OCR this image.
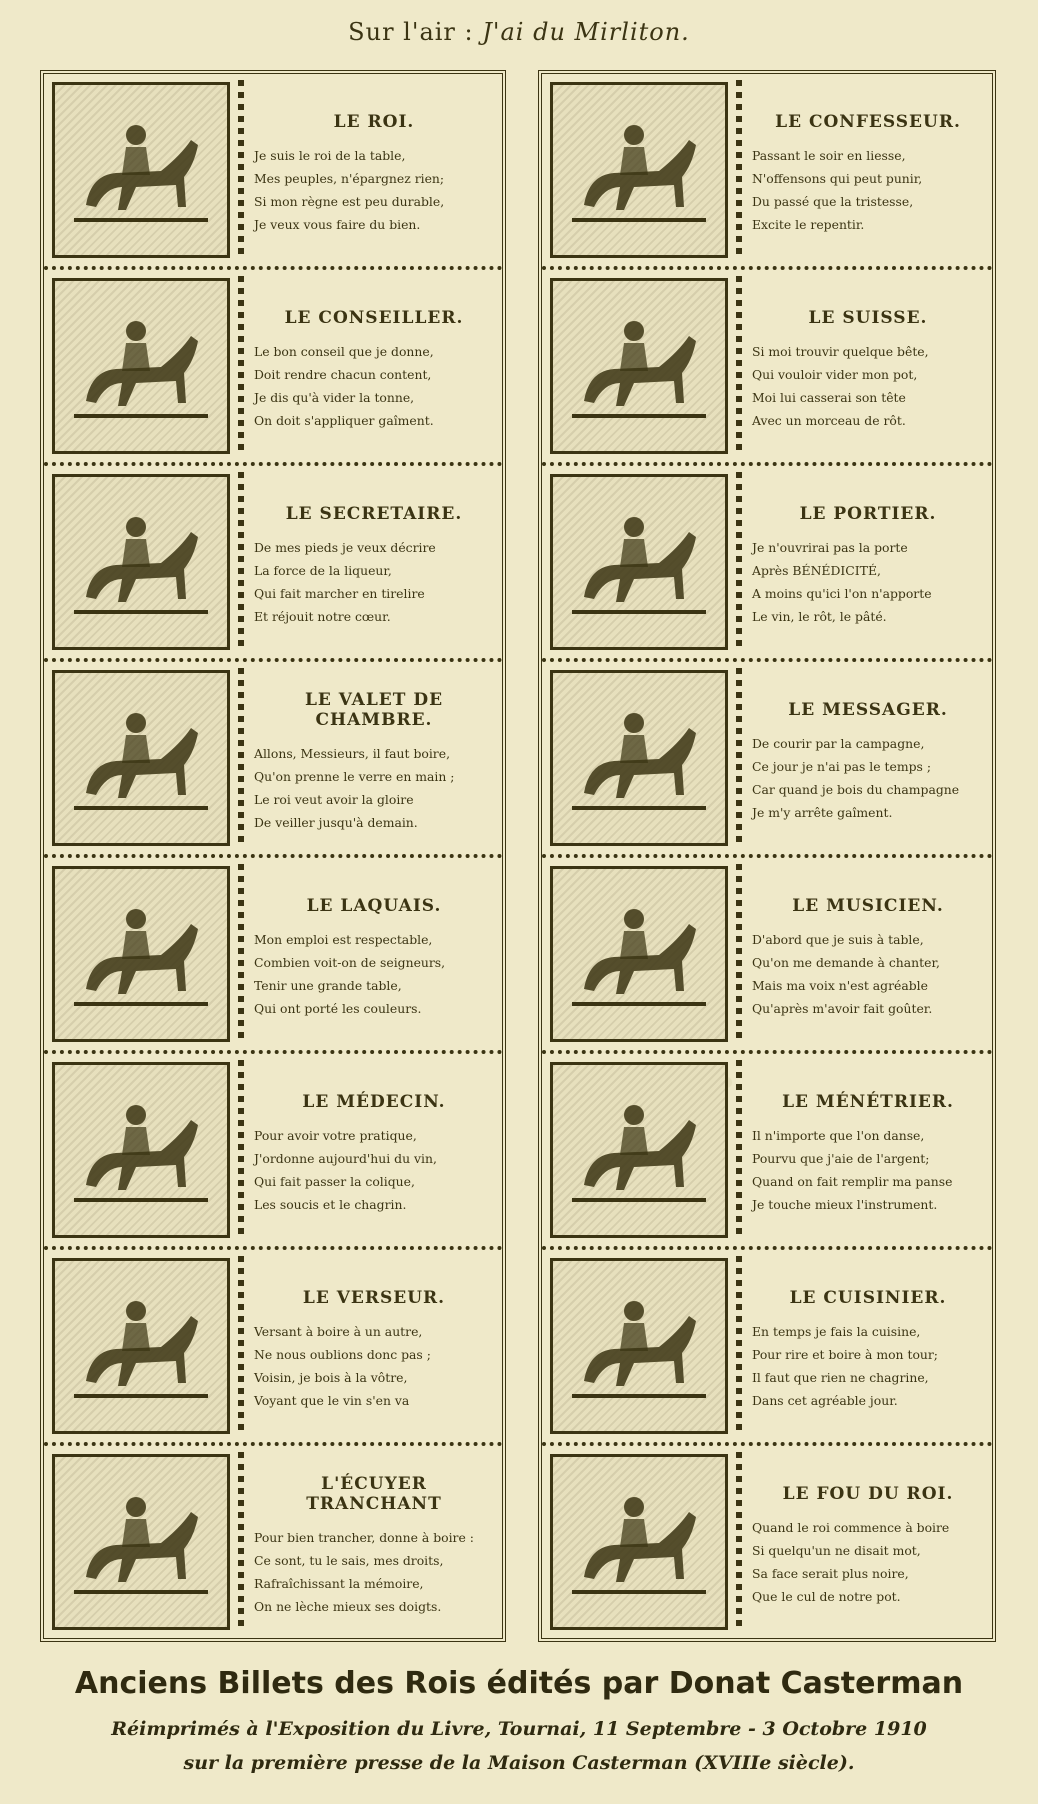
Sur l'air : J'ai du Mirliton.
LE ROI.
Je suis le roi de la table,
Mes peuples, n'épargnez rien;
Si mon règne est peu durable,
Je veux vous faire du bien.
LE CONSEILLER.
Le bon conseil que je donne,
Doit rendre chacun content,
Je dis qu'à vider la tonne,
On doit s'appliquer gaîment.
LE SECRETAIRE.
De mes pieds je veux décrire
La force de la liqueur,
Qui fait marcher en tirelire
Et réjouit notre cœur.
LE VALET DE CHAMBRE.
Allons, Messieurs, il faut boire,
Qu'on prenne le verre en main ;
Le roi veut avoir la gloire
De veiller jusqu'à demain.
LE LAQUAIS.
Mon emploi est respectable,
Combien voit-on de seigneurs,
Tenir une grande table,
Qui ont porté les couleurs.
LE MÉDECIN.
Pour avoir votre pratique,
J'ordonne aujourd'hui du vin,
Qui fait passer la colique,
Les soucis et le chagrin.
LE VERSEUR.
Versant à boire à un autre,
Ne nous oublions donc pas ;
Voisin, je bois à la vôtre,
Voyant que le vin s'en va
L'ÉCUYER TRANCHANT
Pour bien trancher, donne à boire :
Ce sont, tu le sais, mes droits,
Rafraîchissant la mémoire,
On ne lèche mieux ses doigts.
LE CONFESSEUR.
Passant le soir en liesse,
N'offensons qui peut punir,
Du passé que la tristesse,
Excite le repentir.
LE SUISSE.
Si moi trouvir quelque bête,
Qui vouloir vider mon pot,
Moi lui casserai son tête
Avec un morceau de rôt.
LE PORTIER.
Je n'ouvrirai pas la porte
Après BÉNÉDICITÉ,
A moins qu'ici l'on n'apporte
Le vin, le rôt, le pâté.
LE MESSAGER.
De courir par la campagne,
Ce jour je n'ai pas le temps ;
Car quand je bois du champagne
Je m'y arrête gaîment.
LE MUSICIEN.
D'abord que je suis à table,
Qu'on me demande à chanter,
Mais ma voix n'est agréable
Qu'après m'avoir fait goûter.
LE MÉNÉTRIER.
Il n'importe que l'on danse,
Pourvu que j'aie de l'argent;
Quand on fait remplir ma panse
Je touche mieux l'instrument.
LE CUISINIER.
En temps je fais la cuisine,
Pour rire et boire à mon tour;
Il faut que rien ne chagrine,
Dans cet agréable jour.
LE FOU DU ROI.
Quand le roi commence à boire
Si quelqu'un ne disait mot,
Sa face serait plus noire,
Que le cul de notre pot.
Anciens Billets des Rois édités par Donat Casterman
Réimprimés à l'Exposition du Livre, Tournai, 11 Septembre - 3 Octobre 1910
sur la première presse de la Maison Casterman (XVIIIe siècle).
